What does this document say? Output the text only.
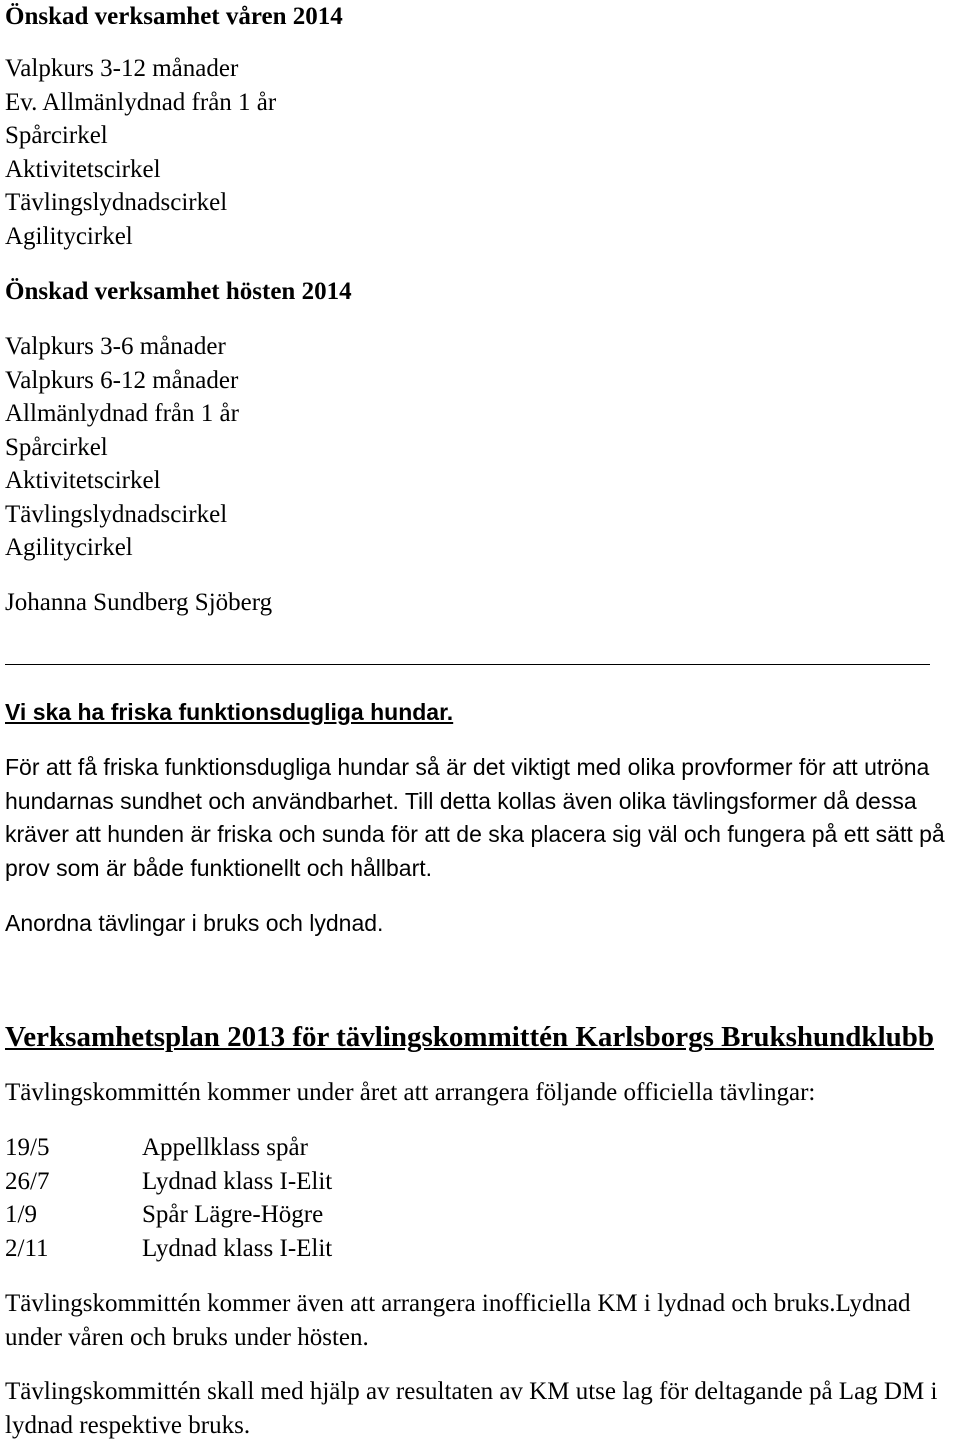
Önskad verksamhet våren 2014
Valpkurs 3-12 månader
Ev. Allmänlydnad från 1 år
Spårcirkel
Aktivitetscirkel
Tävlingslydnadscirkel
Agilitycirkel
Önskad verksamhet hösten 2014
Valpkurs 3-6 månader
Valpkurs 6-12 månader
Allmänlydnad från 1 år
Spårcirkel
Aktivitetscirkel
Tävlingslydnadscirkel
Agilitycirkel
Johanna Sundberg Sjöberg
Vi ska ha friska funktionsdugliga hundar.
För att få friska funktionsdugliga hundar så är det viktigt med olika provformer för att utröna
hundarnas sundhet och användbarhet. Till detta kollas även olika tävlingsformer då dessa
kräver att hunden är friska och sunda för att de ska placera sig väl och fungera på ett sätt på
prov som är både funktionellt och hållbart.
Anordna tävlingar i bruks och lydnad.
Verksamhetsplan 2013 för tävlingskommittén Karlsborgs Brukshundklubb
Tävlingskommittén kommer under året att arrangera följande officiella tävlingar:
19/5	Appellklass spår
26/7	Lydnad klass I-Elit
1/9	Spår Lägre-Högre
2/11	Lydnad klass I-Elit
Tävlingskommittén kommer även att arrangera inofficiella KM i lydnad och bruks.Lydnad
under våren och bruks under hösten.
Tävlingskommittén skall med hjälp av resultaten av KM utse lag för deltagande på Lag DM i
lydnad respektive bruks.
